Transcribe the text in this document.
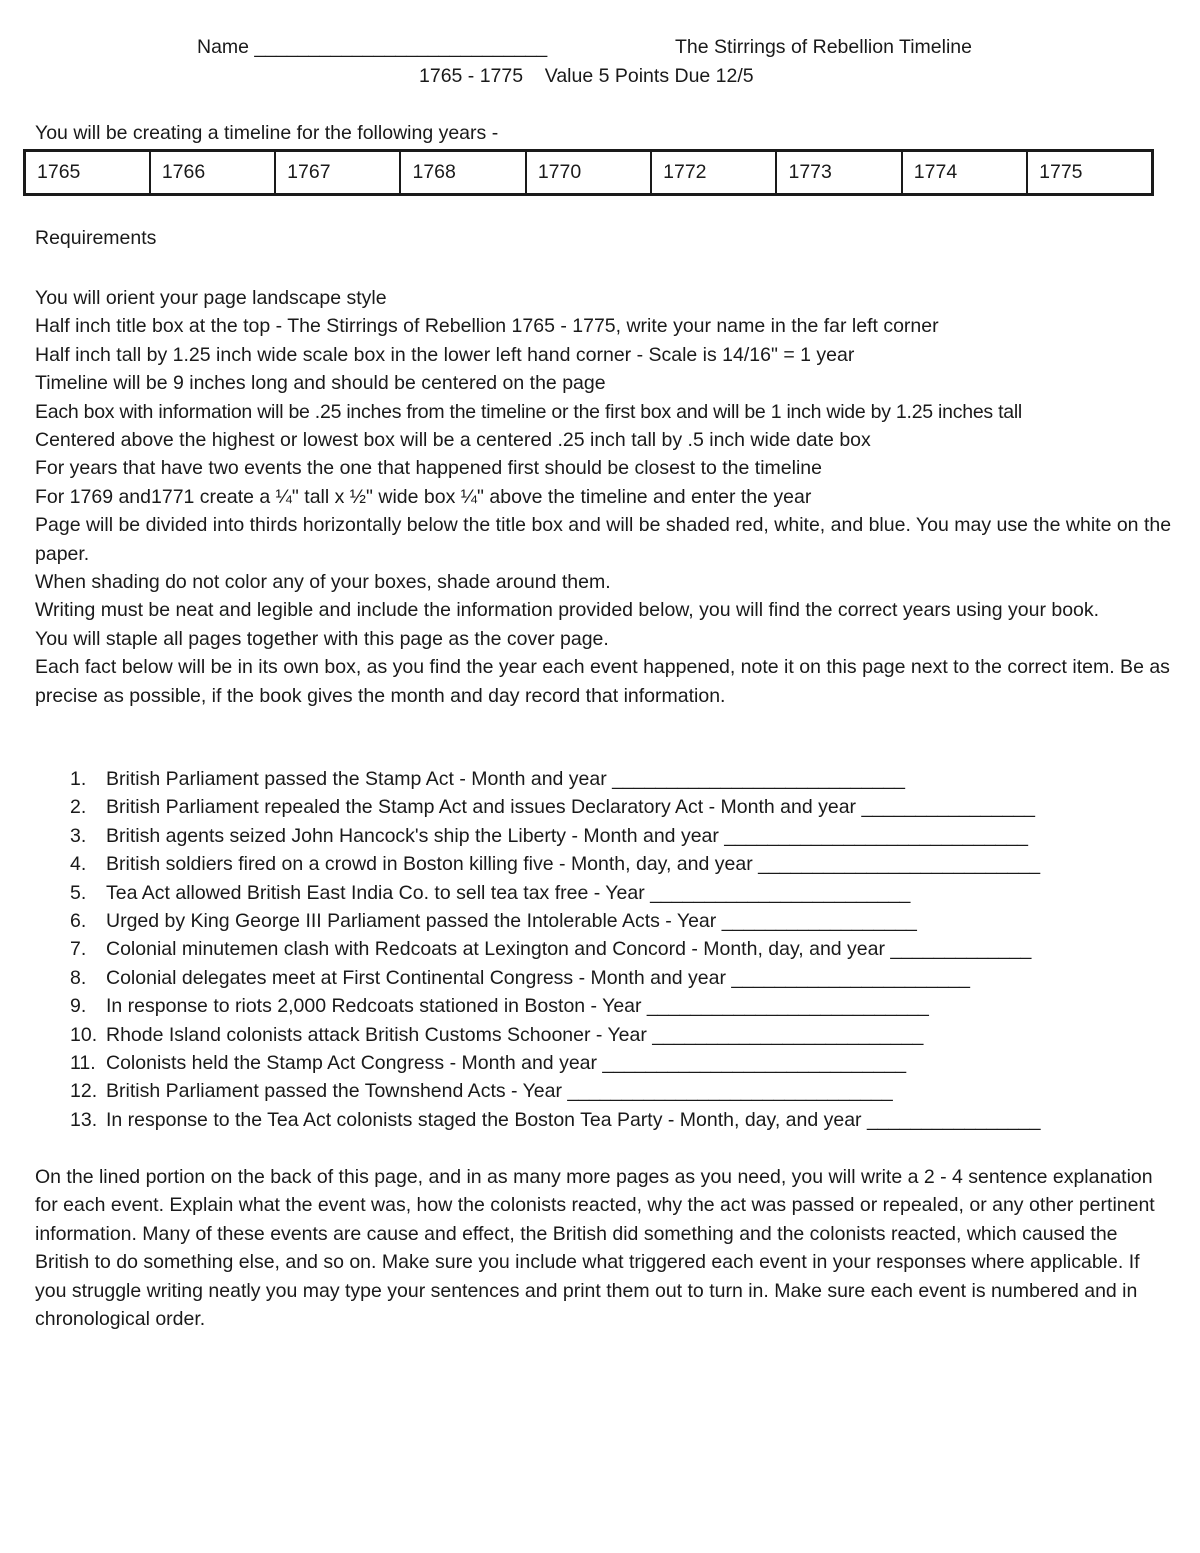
Name ___________________________	The Stirrings of Rebellion Timeline
1765 - 1775    Value 5 Points Due 12/5
You will be creating a timeline for the following years -
1765	1766	1767	1768	1770	1772	1773	1774	1775
Requirements

You will orient your page landscape style

Half inch title box at the top - The Stirrings of Rebellion 1765 - 1775, write your name in the far left corner

Half inch tall by 1.25 inch wide scale box in the lower left hand corner - Scale is 14/16" = 1 year

Timeline will be 9 inches long and should be centered on the page

Each box with information will be .25 inches from the timeline or the first box and will be 1 inch wide by 1.25 inches tall

Centered above the highest or lowest box will be a centered .25 inch tall by .5 inch wide date box

For years that have two events the one that happened first should be closest to the timeline

For 1769 and1771 create a ¼" tall x ½" wide box ¼" above the timeline and enter the year

Page will be divided into thirds horizontally below the title box and will be shaded red, white, and blue. You may use the white on the paper.

When shading do not color any of your boxes, shade around them.

Writing must be neat and legible and include the information provided below, you will find the correct years using your book.

You will staple all pages together with this page as the cover page.

Each fact below will be in its own box, as you find the year each event happened, note it on this page next to the correct item. Be as precise as possible, if the book gives the month and day record that information.

1. British Parliament passed the Stamp Act - Month and year ___________________________
2. British Parliament repealed the Stamp Act and issues Declaratory Act - Month and year ________________
3. British agents seized John Hancock's ship the Liberty - Month and year ____________________________
4. British soldiers fired on a crowd in Boston killing five - Month, day, and year __________________________
5. Tea Act allowed British East India Co. to sell tea tax free - Year ________________________
6. Urged by King George III Parliament passed the Intolerable Acts - Year __________________
7. Colonial minutemen clash with Redcoats at Lexington and Concord - Month, day, and year _____________
8. Colonial delegates meet at First Continental Congress - Month and year ______________________
9. In response to riots 2,000 Redcoats stationed in Boston - Year __________________________
10. Rhode Island colonists attack British Customs Schooner - Year _________________________
11. Colonists held the Stamp Act Congress - Month and year ____________________________
12. British Parliament passed the Townshend Acts - Year ______________________________
13. In response to the Tea Act colonists staged the Boston Tea Party - Month, day, and year ________________

On the lined portion on the back of this page, and in as many more pages as you need, you will write a 2 - 4 sentence explanation for each event. Explain what the event was, how the colonists reacted, why the act was passed or repealed, or any other pertinent information. Many of these events are cause and effect, the British did something and the colonists reacted, which caused the British to do something else, and so on. Make sure you include what triggered each event in your responses where applicable. If you struggle writing neatly you may type your sentences and print them out to turn in. Make sure each event is numbered and in chronological order.
